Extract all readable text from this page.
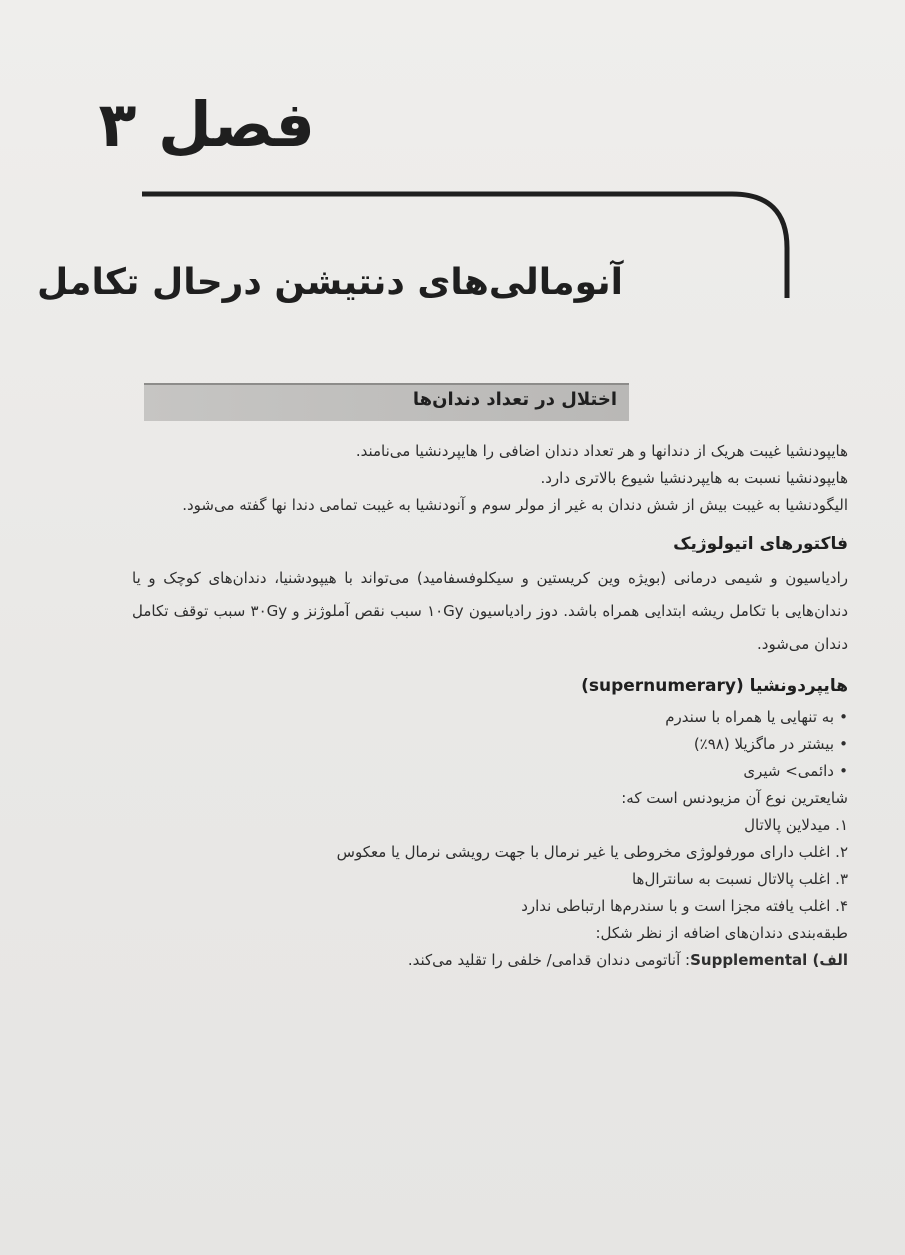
فصل ۳
آنومالی‌های دنتیشن درحال تکامل
اختلال در تعداد دندان‌ها

هایپودنشیا غیبت هریک از دندانها و هر تعداد دندان اضافی را هایپردنشیا می‌نامند.

هایپودنشیا نسبت به هایپردنشیا شیوع بالاتری دارد.

الیگودنشیا به غیبت بیش از شش دندان به غیر از مولر سوم و آنودنشیا به غیبت تمامی دندا نها گفته می‌شود.

فاکتورهای اتیولوژیک

رادیاسیون و شیمی درمانی (بویژه وین کریستین و سیکلوفسفامید) می‌تواند با هیپودشنیا، دندان‌های کوچک و یا دندان‌هایی با تکامل ریشه ابتدایی همراه باشد. دوز رادیاسیون ۱۰Gy سبب نقص آملوژنز و ۳۰Gy سبب توقف تکامل دندان می‌شود.

هایپردونشیا (supernumerary)

•به تنهایی یا همراه با سندرم

•بیشتر در ماگزیلا (۹۸٪)

•دائمی> شیری

شایعترین نوع آن مزیودنس است که:

۱. میدلاین پالاتال

۲. اغلب دارای مورفولوژی مخروطی یا غیر نرمال با جهت رویشی نرمال یا معکوس

۳. اغلب پالاتال نسبت به سانترال‌ها

۴. اغلب یافته مجزا است و با سندرم‌ها ارتباطی ندارد

طبقه‌بندی دندان‌های اضافه از نظر شکل:

الف) Supplemental: آناتومی دندان قدامی/ خلفی را تقلید می‌کند.
